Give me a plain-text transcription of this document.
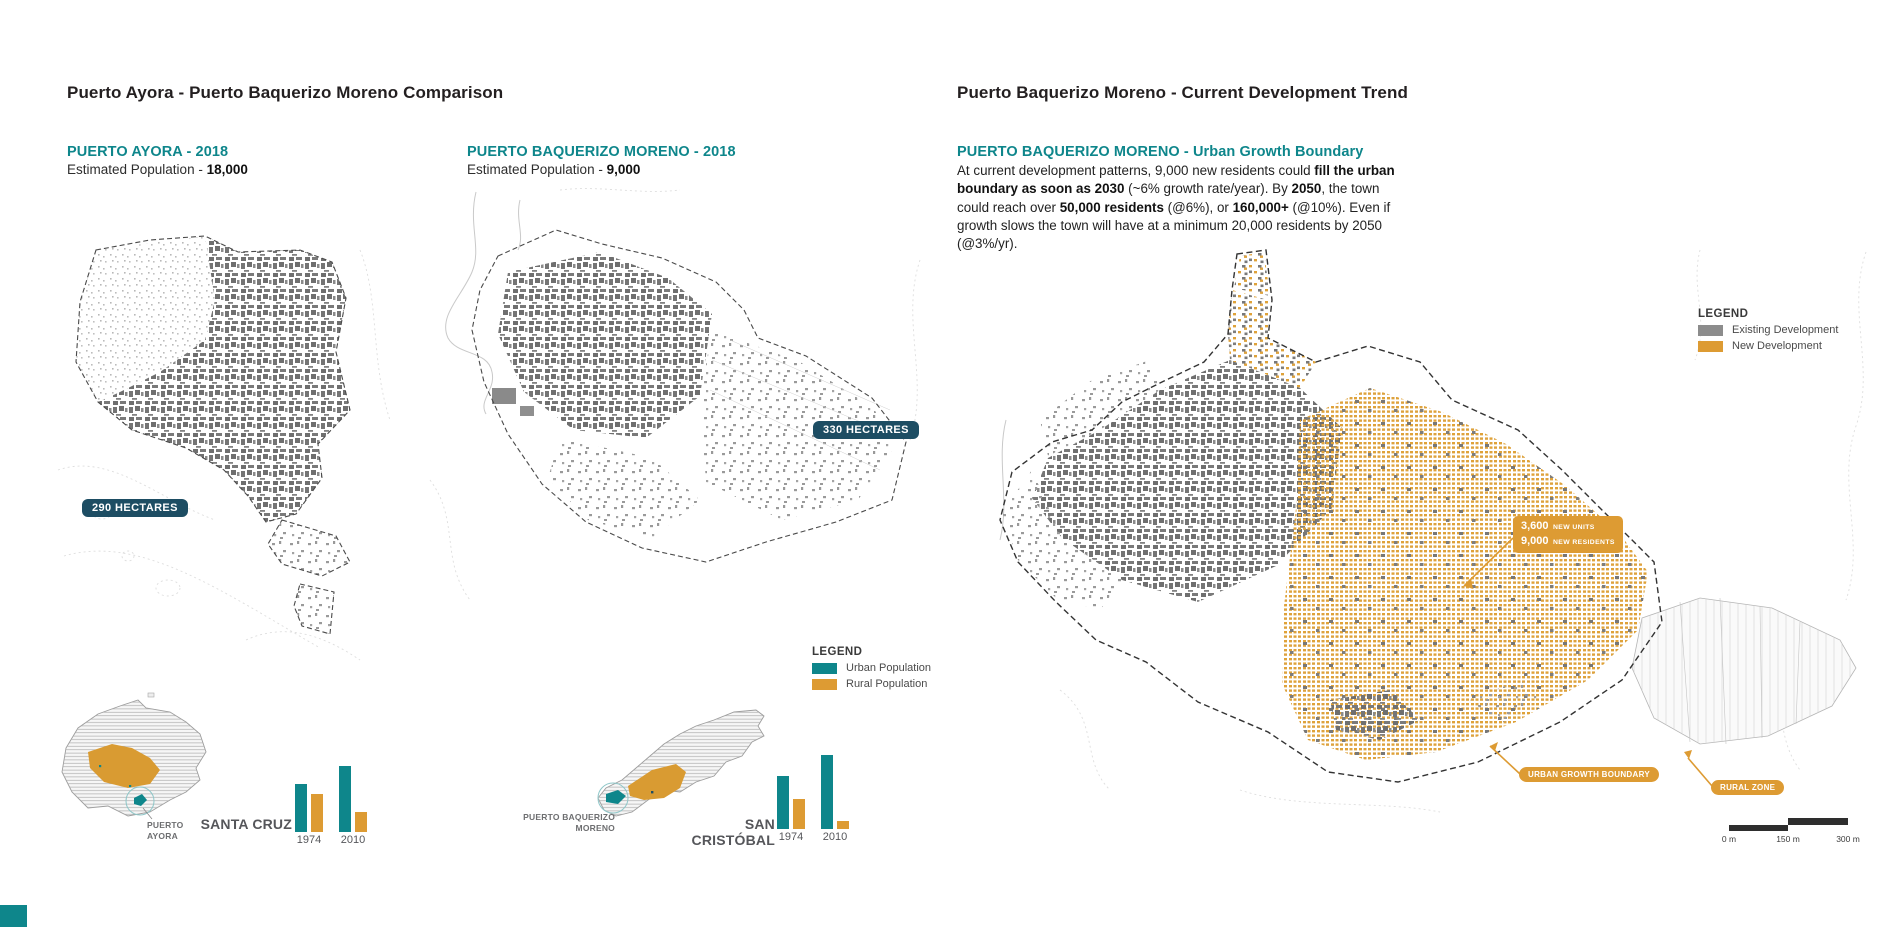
Puerto Ayora - Puerto Baquerizo Moreno Comparison
PUERTO AYORA - 2018
Estimated Population - 18,000
290 HECTARES
PUERTO
AYORA
SANTA CRUZ
1974 2010
PUERTO BAQUERIZO MORENO - 2018
Estimated Population - 9,000
330 HECTARES
LEGEND
Urban Population
Rural Population
PUERTO BAQUERIZO
MORENO	SAN CRISTÓBAL 1974 2010
Puerto Baquerizo Moreno - Current Development Trend
PUERTO BAQUERIZO MORENO - Urban Growth Boundary
At current development patterns, 9,000 new residents could fill the urban boundary as soon as 2030 (~6% growth rate/year). By 2050, the town could reach over 50,000 residents (@6%), or 160,000+ (@10%). Even if growth slows the town will have at a minimum 20,000 residents by 2050 (@3%/yr).
LEGEND
Existing Development
New Development
3,600 NEW UNITS
9,000 NEW RESIDENTS
URBAN GROWTH BOUNDARY
RURAL ZONE
0 m	150 m	300 m
